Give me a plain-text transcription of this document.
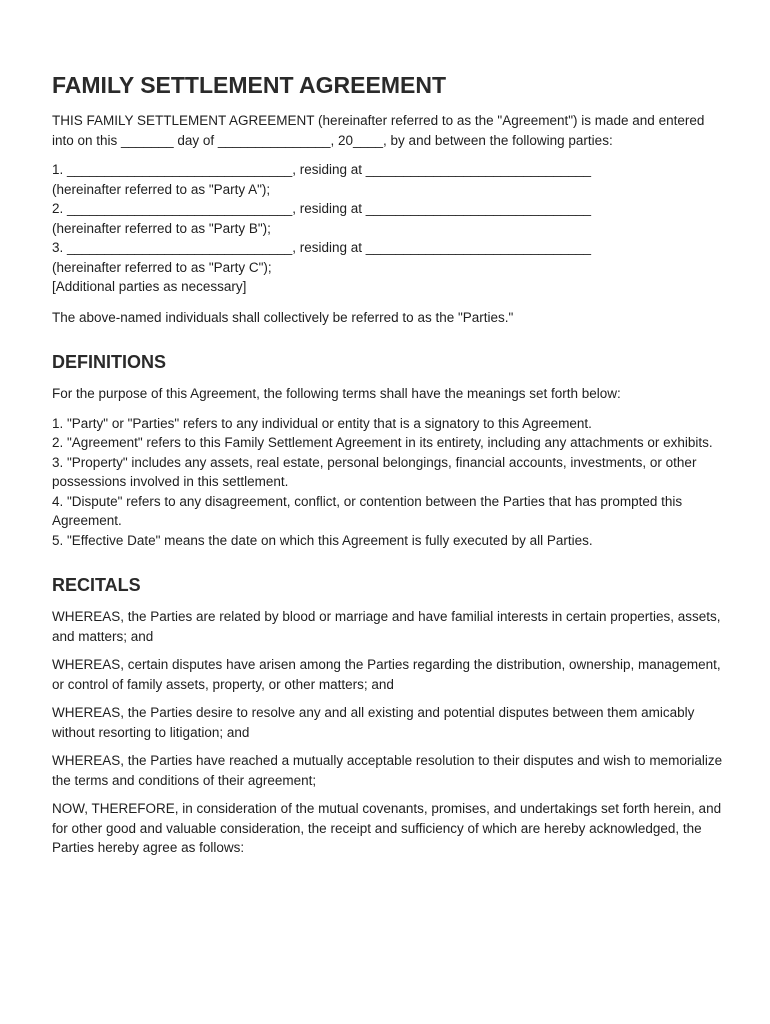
FAMILY SETTLEMENT AGREEMENT

THIS FAMILY SETTLEMENT AGREEMENT (hereinafter referred to as the "Agreement") is made and entered into on this _______ day of _______________, 20____, by and between the following parties:

1. ______________________________, residing at ______________________________
(hereinafter referred to as "Party A");
2. ______________________________, residing at ______________________________
(hereinafter referred to as "Party B");
3. ______________________________, residing at ______________________________
(hereinafter referred to as "Party C");
[Additional parties as necessary]

The above-named individuals shall collectively be referred to as the "Parties."

DEFINITIONS

For the purpose of this Agreement, the following terms shall have the meanings set forth below:

1. "Party" or "Parties" refers to any individual or entity that is a signatory to this Agreement.
2. "Agreement" refers to this Family Settlement Agreement in its entirety, including any attachments or exhibits.
3. "Property" includes any assets, real estate, personal belongings, financial accounts, investments, or other possessions involved in this settlement.
4. "Dispute" refers to any disagreement, conflict, or contention between the Parties that has prompted this Agreement.
5. "Effective Date" means the date on which this Agreement is fully executed by all Parties.
RECITALS

WHEREAS, the Parties are related by blood or marriage and have familial interests in certain properties, assets, and matters; and

WHEREAS, certain disputes have arisen among the Parties regarding the distribution, ownership, management, or control of family assets, property, or other matters; and

WHEREAS, the Parties desire to resolve any and all existing and potential disputes between them amicably without resorting to litigation; and

WHEREAS, the Parties have reached a mutually acceptable resolution to their disputes and wish to memorialize the terms and conditions of their agreement;

NOW, THEREFORE, in consideration of the mutual covenants, promises, and undertakings set forth herein, and for other good and valuable consideration, the receipt and sufficiency of which are hereby acknowledged, the Parties hereby agree as follows:
